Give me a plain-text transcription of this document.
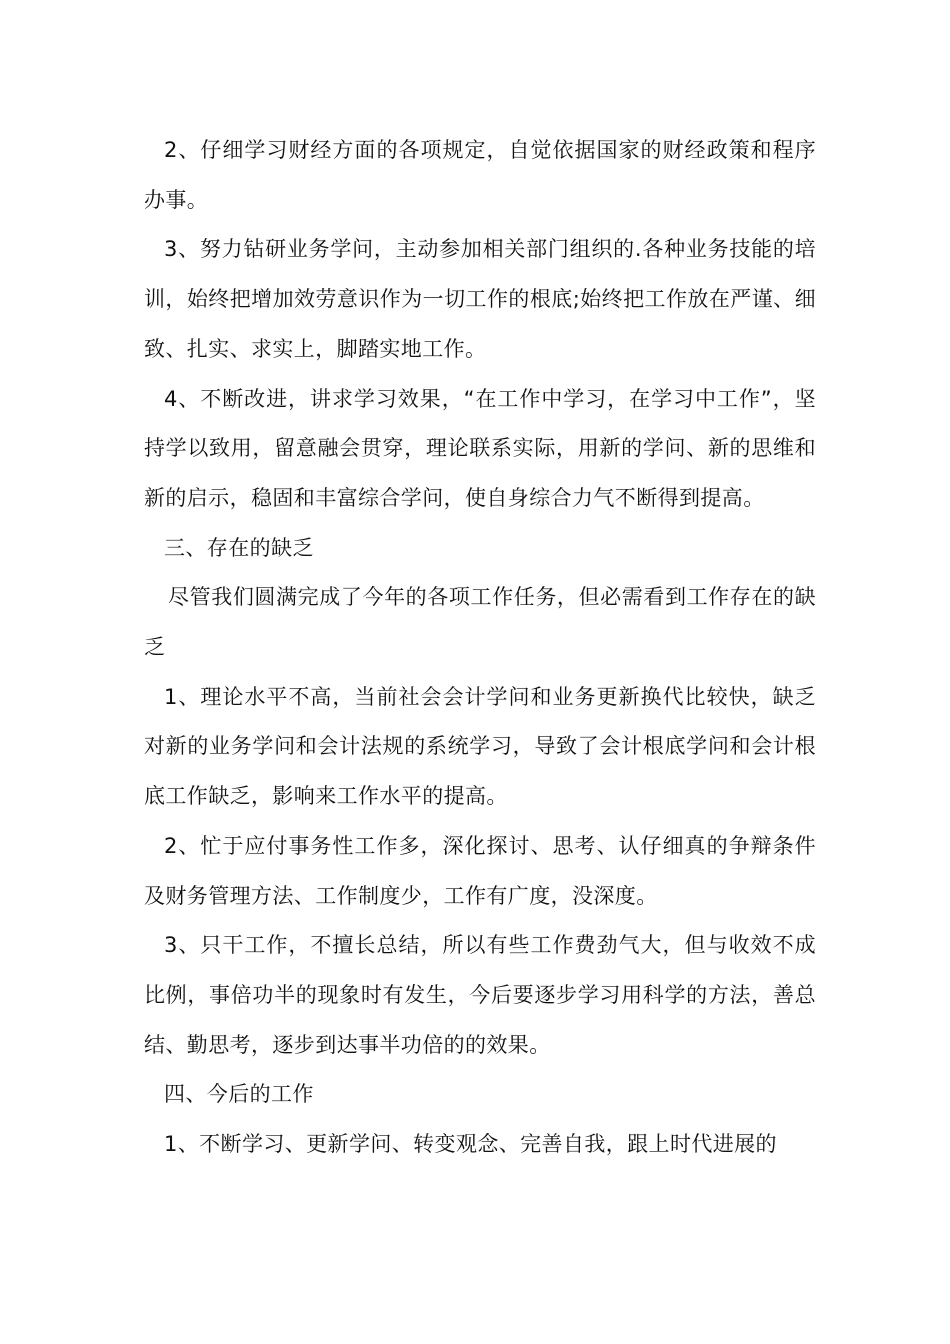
2、仔细学习财经方面的各项规定，自觉依据国家的财经政策和程序办事。

3、努力钻研业务学问，主动参加相关部门组织的.各种业务技能的培训，始终把增加效劳意识作为一切工作的根底;始终把工作放在严谨、细致、扎实、求实上，脚踏实地工作。

4、不断改进，讲求学习效果，“在工作中学习，在学习中工作”，坚持学以致用，留意融会贯穿，理论联系实际，用新的学问、新的思维和新的启示，稳固和丰富综合学问，使自身综合力气不断得到提高。

三、存在的缺乏

尽管我们圆满完成了今年的各项工作任务，但必需看到工作存在的缺乏

1、理论水平不高，当前社会会计学问和业务更新换代比较快，缺乏对新的业务学问和会计法规的系统学习，导致了会计根底学问和会计根底工作缺乏，影响来工作水平的提高。

2、忙于应付事务性工作多，深化探讨、思考、认仔细真的争辩条件及财务管理方法、工作制度少，工作有广度，没深度。

3、只干工作，不擅长总结，所以有些工作费劲气大，但与收效不成比例，事倍功半的现象时有发生，今后要逐步学习用科学的方法，善总结、勤思考，逐步到达事半功倍的的效果。

四、今后的工作

1、不断学习、更新学问、转变观念、完善自我，跟上时代进展的
